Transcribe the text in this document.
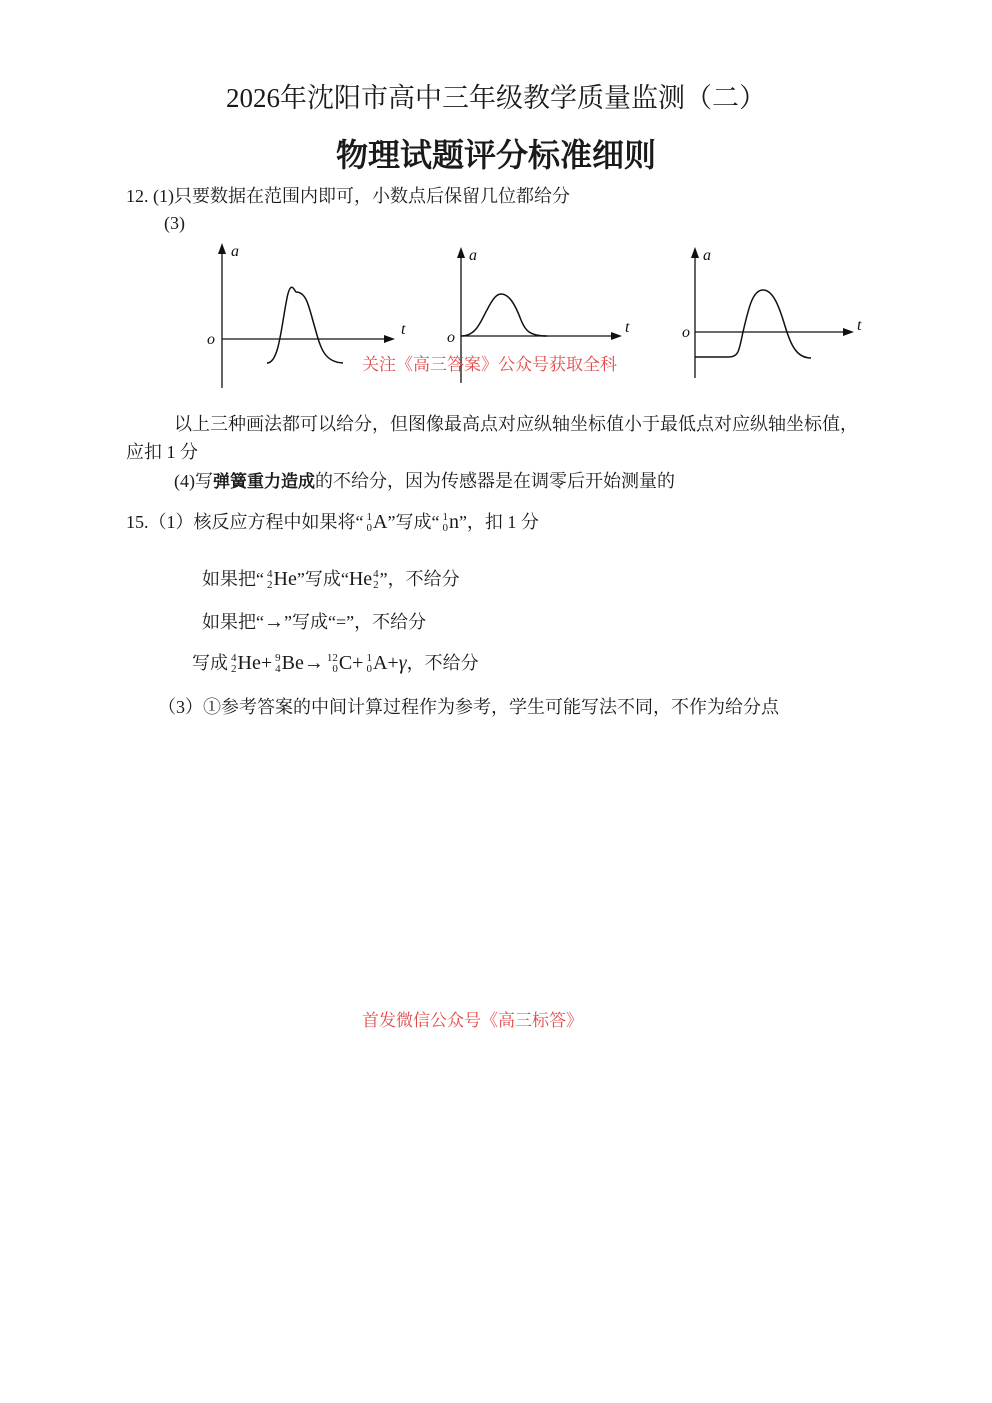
2026年沈阳市高中三年级教学质量监测（二）
物理试题评分标准细则
12. (1)只要数据在范围内即可，小数点后保留几位都给分
(3)
a
t
o
a
t
o
a
t
o
关注《高三答案》公众号获取全科
以上三种画法都可以给分，但图像最高点对应纵轴坐标值小于最低点对应纵轴坐标值，
应扣 1 分
(4)写弹簧重力造成的不给分，因为传感器是在调零后开始测量的
15.（1）核反应方程中如果将“ 1
0 A”写成“ 1
0 n”，扣 1 分
如果把“ 4
2 He”写成“He 4
2 ”，不给分
如果把“→”写成“=”，不给分
写成 4
2 He+ 9
4 Be→ 12
0 C+ 1
0 A+γ，不给分
（3）①参考答案的中间计算过程作为参考，学生可能写法不同，不作为给分点
首发微信公众号《高三标答》
